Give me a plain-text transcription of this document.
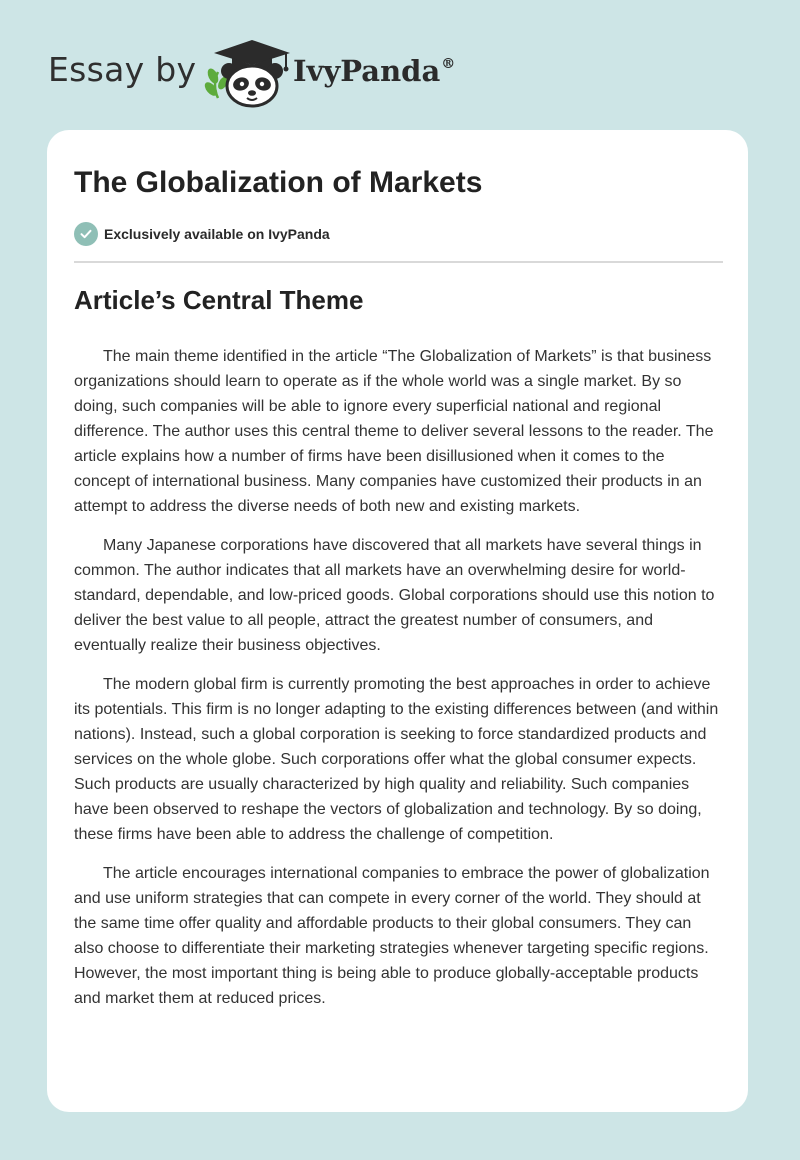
Essay by	IvyPanda®
The Globalization of Markets
Exclusively available on IvyPanda
Article’s Central Theme

The main theme identified in the article “The Globalization of Markets” is that business organizations should learn to operate as if the whole world was a single market. By so doing, such companies will be able to ignore every superficial national and regional difference. The author uses this central theme to deliver several lessons to the reader. The article explains how a number of firms have been disillusioned when it comes to the concept of international business. Many companies have customized their products in an attempt to address the diverse needs of both new and existing markets.

Many Japanese corporations have discovered that all markets have several things in common. The author indicates that all markets have an overwhelming desire for world-standard, dependable, and low-priced goods. Global corporations should use this notion to deliver the best value to all people, attract the greatest number of consumers, and eventually realize their business objectives.

The modern global firm is currently promoting the best approaches in order to achieve its potentials. This firm is no longer adapting to the existing differences between (and within nations). Instead, such a global corporation is seeking to force standardized products and services on the whole globe. Such corporations offer what the global consumer expects. Such products are usually characterized by high quality and reliability. Such companies have been observed to reshape the vectors of globalization and technology. By so doing, these firms have been able to address the challenge of competition.

The article encourages international companies to embrace the power of globalization and use uniform strategies that can compete in every corner of the world. They should at the same time offer quality and affordable products to their global consumers. They can also choose to differentiate their marketing strategies whenever targeting specific regions. However, the most important thing is being able to produce globally-acceptable products and market them at reduced prices.
